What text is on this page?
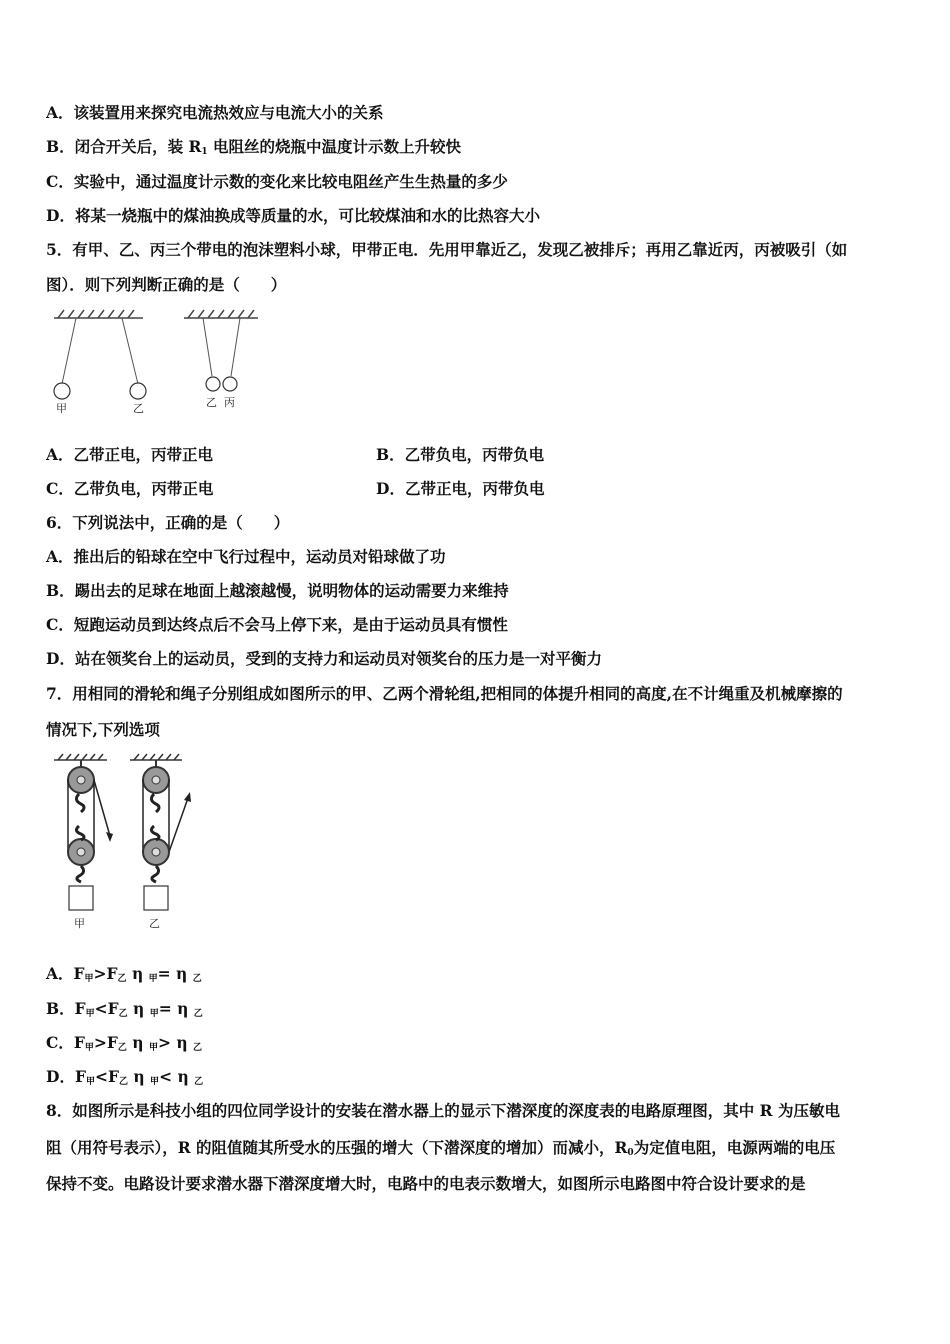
A．该装置用来探究电流热效应与电流大小的关系
B．闭合开关后，装 $R_1$ 电阻丝的烧瓶中温度计示数上升较快
C．实验中，通过温度计示数的变化来比较电阻丝产生生热量的多少
D．将某一烧瓶中的煤油换成等质量的水，可比较煤油和水的比热容大小
5．有甲、乙、丙三个带电的泡沫塑料小球，甲带正电．先用甲靠近乙，发现乙被排斥；再用乙靠近丙，丙被吸引（如
图）．则下列判断正确的是（　　）
甲	乙	乙 丙
A．乙带正电，丙带正电	B．乙带负电，丙带负电
C．乙带负电，丙带正电	D．乙带正电，丙带负电
6．下列说法中，正确的是（　　）
A．推出后的铅球在空中飞行过程中，运动员对铅球做了功
B．踢出去的足球在地面上越滚越慢，说明物体的运动需要力来维持
C．短跑运动员到达终点后不会马上停下来，是由于运动员具有惯性
D．站在领奖台上的运动员，受到的支持力和运动员对领奖台的压力是一对平衡力
7．用相同的滑轮和绳子分别组成如图所示的甲、乙两个滑轮组,把相同的体提升相同的高度,在不计绳重及机械摩擦的
情况下,下列选项
甲	乙
A．$F_甲>F_乙$ η $_甲$= η $_乙$
B．$F_甲<F_乙$ η $_甲$= η $_乙$
C．$F_甲>F_乙$ η $_甲$> η $_乙$
D．$F_甲<F_乙$ η $_甲$< η $_乙$
8．如图所示是科技小组的四位同学设计的安装在潜水器上的显示下潜深度的深度表的电路原理图，其中 R 为压敏电
阻（用符号表示），R 的阻值随其所受水的压强的增大（下潜深度的增加）而减小，$R_0$为定值电阻，电源两端的电压
保持不变。电路设计要求潜水器下潜深度增大时，电路中的电表示数增大，如图所示电路图中符合设计要求的是
